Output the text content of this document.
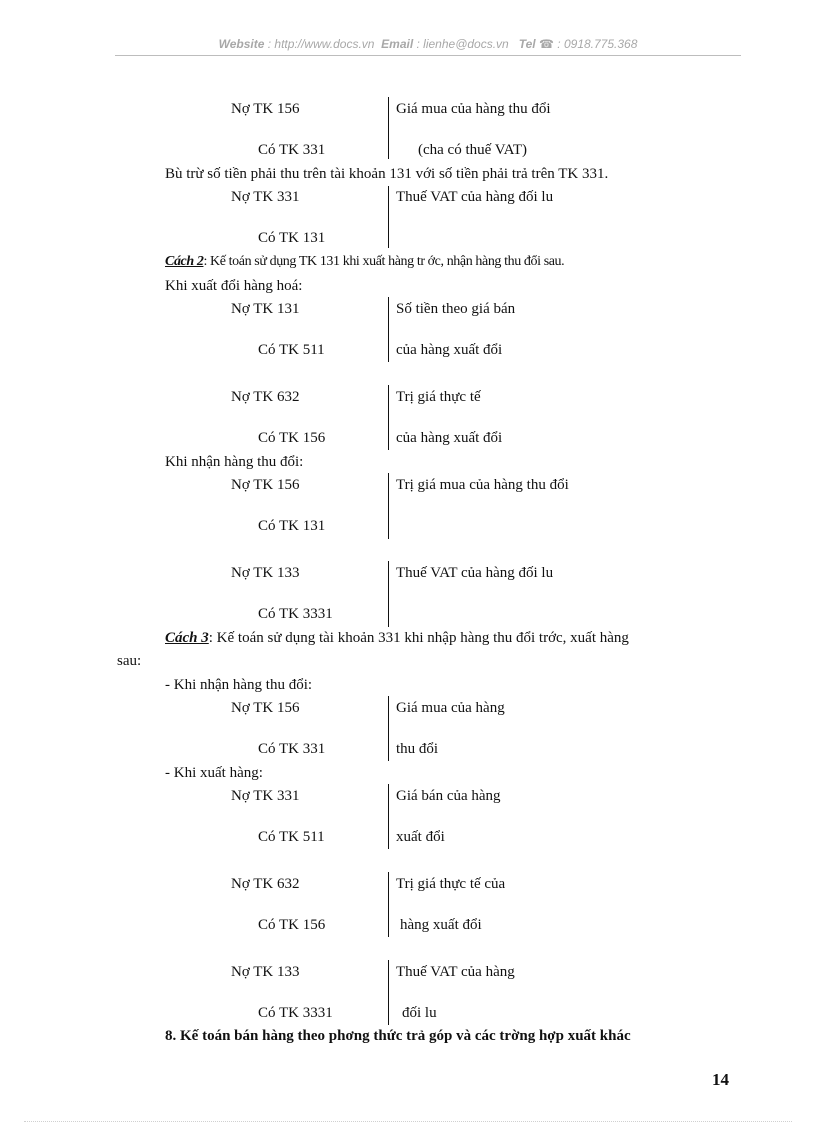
Website : http://www.docs.vn Email : lienhe@docs.vn Tel ☎ : 0918.775.368
Nợ TK 156	Giá mua của hàng thu đổi
Có TK 331	(cha có thuế VAT)
Bù trừ số tiền phải thu trên tài khoản 131 với số tiền phải trả trên TK 331.
Nợ TK 331	Thuế VAT của hàng đối lu
Có TK 131
Cách 2: Kế toán sử dụng TK 131 khi xuất hàng tr ớc, nhận hàng thu đổi sau.
Khi xuất đổi hàng hoá:
Nợ TK 131	Số tiền theo giá bán
Có TK 511	của hàng xuất đổi
Nợ TK 632	Trị giá thực tế
Có TK 156	của hàng xuất đổi
Khi nhận hàng thu đổi:
Nợ TK 156	Trị giá mua của hàng thu đổi
Có TK 131
Nợ TK 133	Thuế VAT của hàng đối lu
Có TK 3331
Cách 3: Kế toán sử dụng tài khoản 331 khi nhập hàng thu đổi trớc, xuất hàng
sau:
- Khi nhận hàng thu đổi:
Nợ TK 156	Giá mua của hàng
Có TK 331	thu đổi
- Khi xuất hàng:
Nợ TK 331	Giá bán của hàng
Có TK 511	xuất đổi
Nợ TK 632	Trị giá thực tế của
Có TK 156	hàng xuất đổi
Nợ TK 133	Thuế VAT của hàng
Có TK 3331	đối lu
8. Kế toán bán hàng theo phơng thức trả góp và các trờng hợp xuất khác
14
